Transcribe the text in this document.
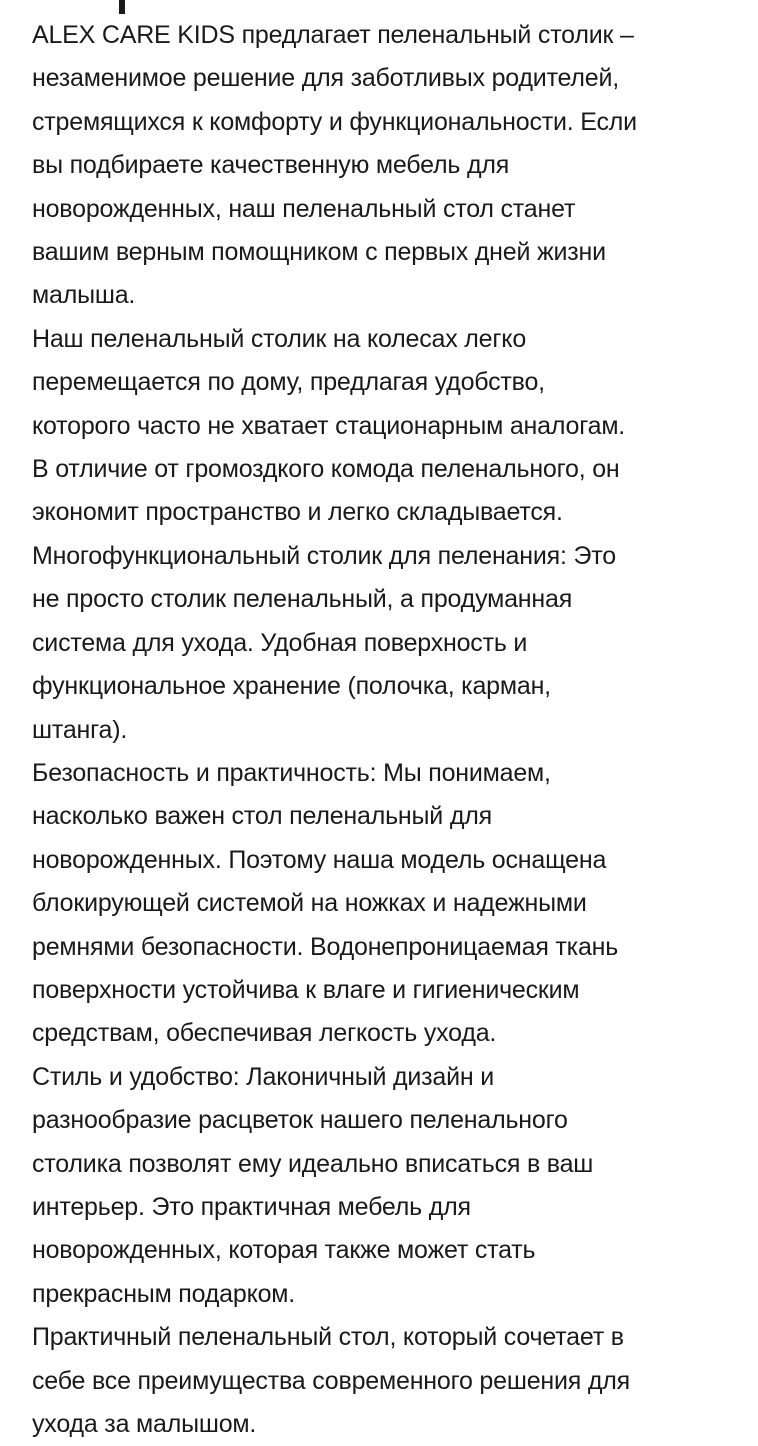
ALEX CARE KIDS предлагает пеленальный столик –
незаменимое решение для заботливых родителей,
стремящихся к комфорту и функциональности. Если
вы подбираете качественную мебель для
новорожденных, наш пеленальный стол станет
вашим верным помощником с первых дней жизни
малыша.
Наш пеленальный столик на колесах легко
перемещается по дому, предлагая удобство,
которого часто не хватает стационарным аналогам.
В отличие от громоздкого комода пеленального, он
экономит пространство и легко складывается.
Многофункциональный столик для пеленания: Это
не просто столик пеленальный, а продуманная
система для ухода. Удобная поверхность и
функциональное хранение (полочка, карман,
штанга).
Безопасность и практичность: Мы понимаем,
насколько важен стол пеленальный для
новорожденных. Поэтому наша модель оснащена
блокирующей системой на ножках и надежными
ремнями безопасности. Водонепроницаемая ткань
поверхности устойчива к влаге и гигиеническим
средствам, обеспечивая легкость ухода.
Стиль и удобство: Лаконичный дизайн и
разнообразие расцветок нашего пеленального
столика позволят ему идеально вписаться в ваш
интерьер. Это практичная мебель для
новорожденных, которая также может стать
прекрасным подарком.
Практичный пеленальный стол, который сочетает в
себе все преимущества современного решения для
ухода за малышом.
